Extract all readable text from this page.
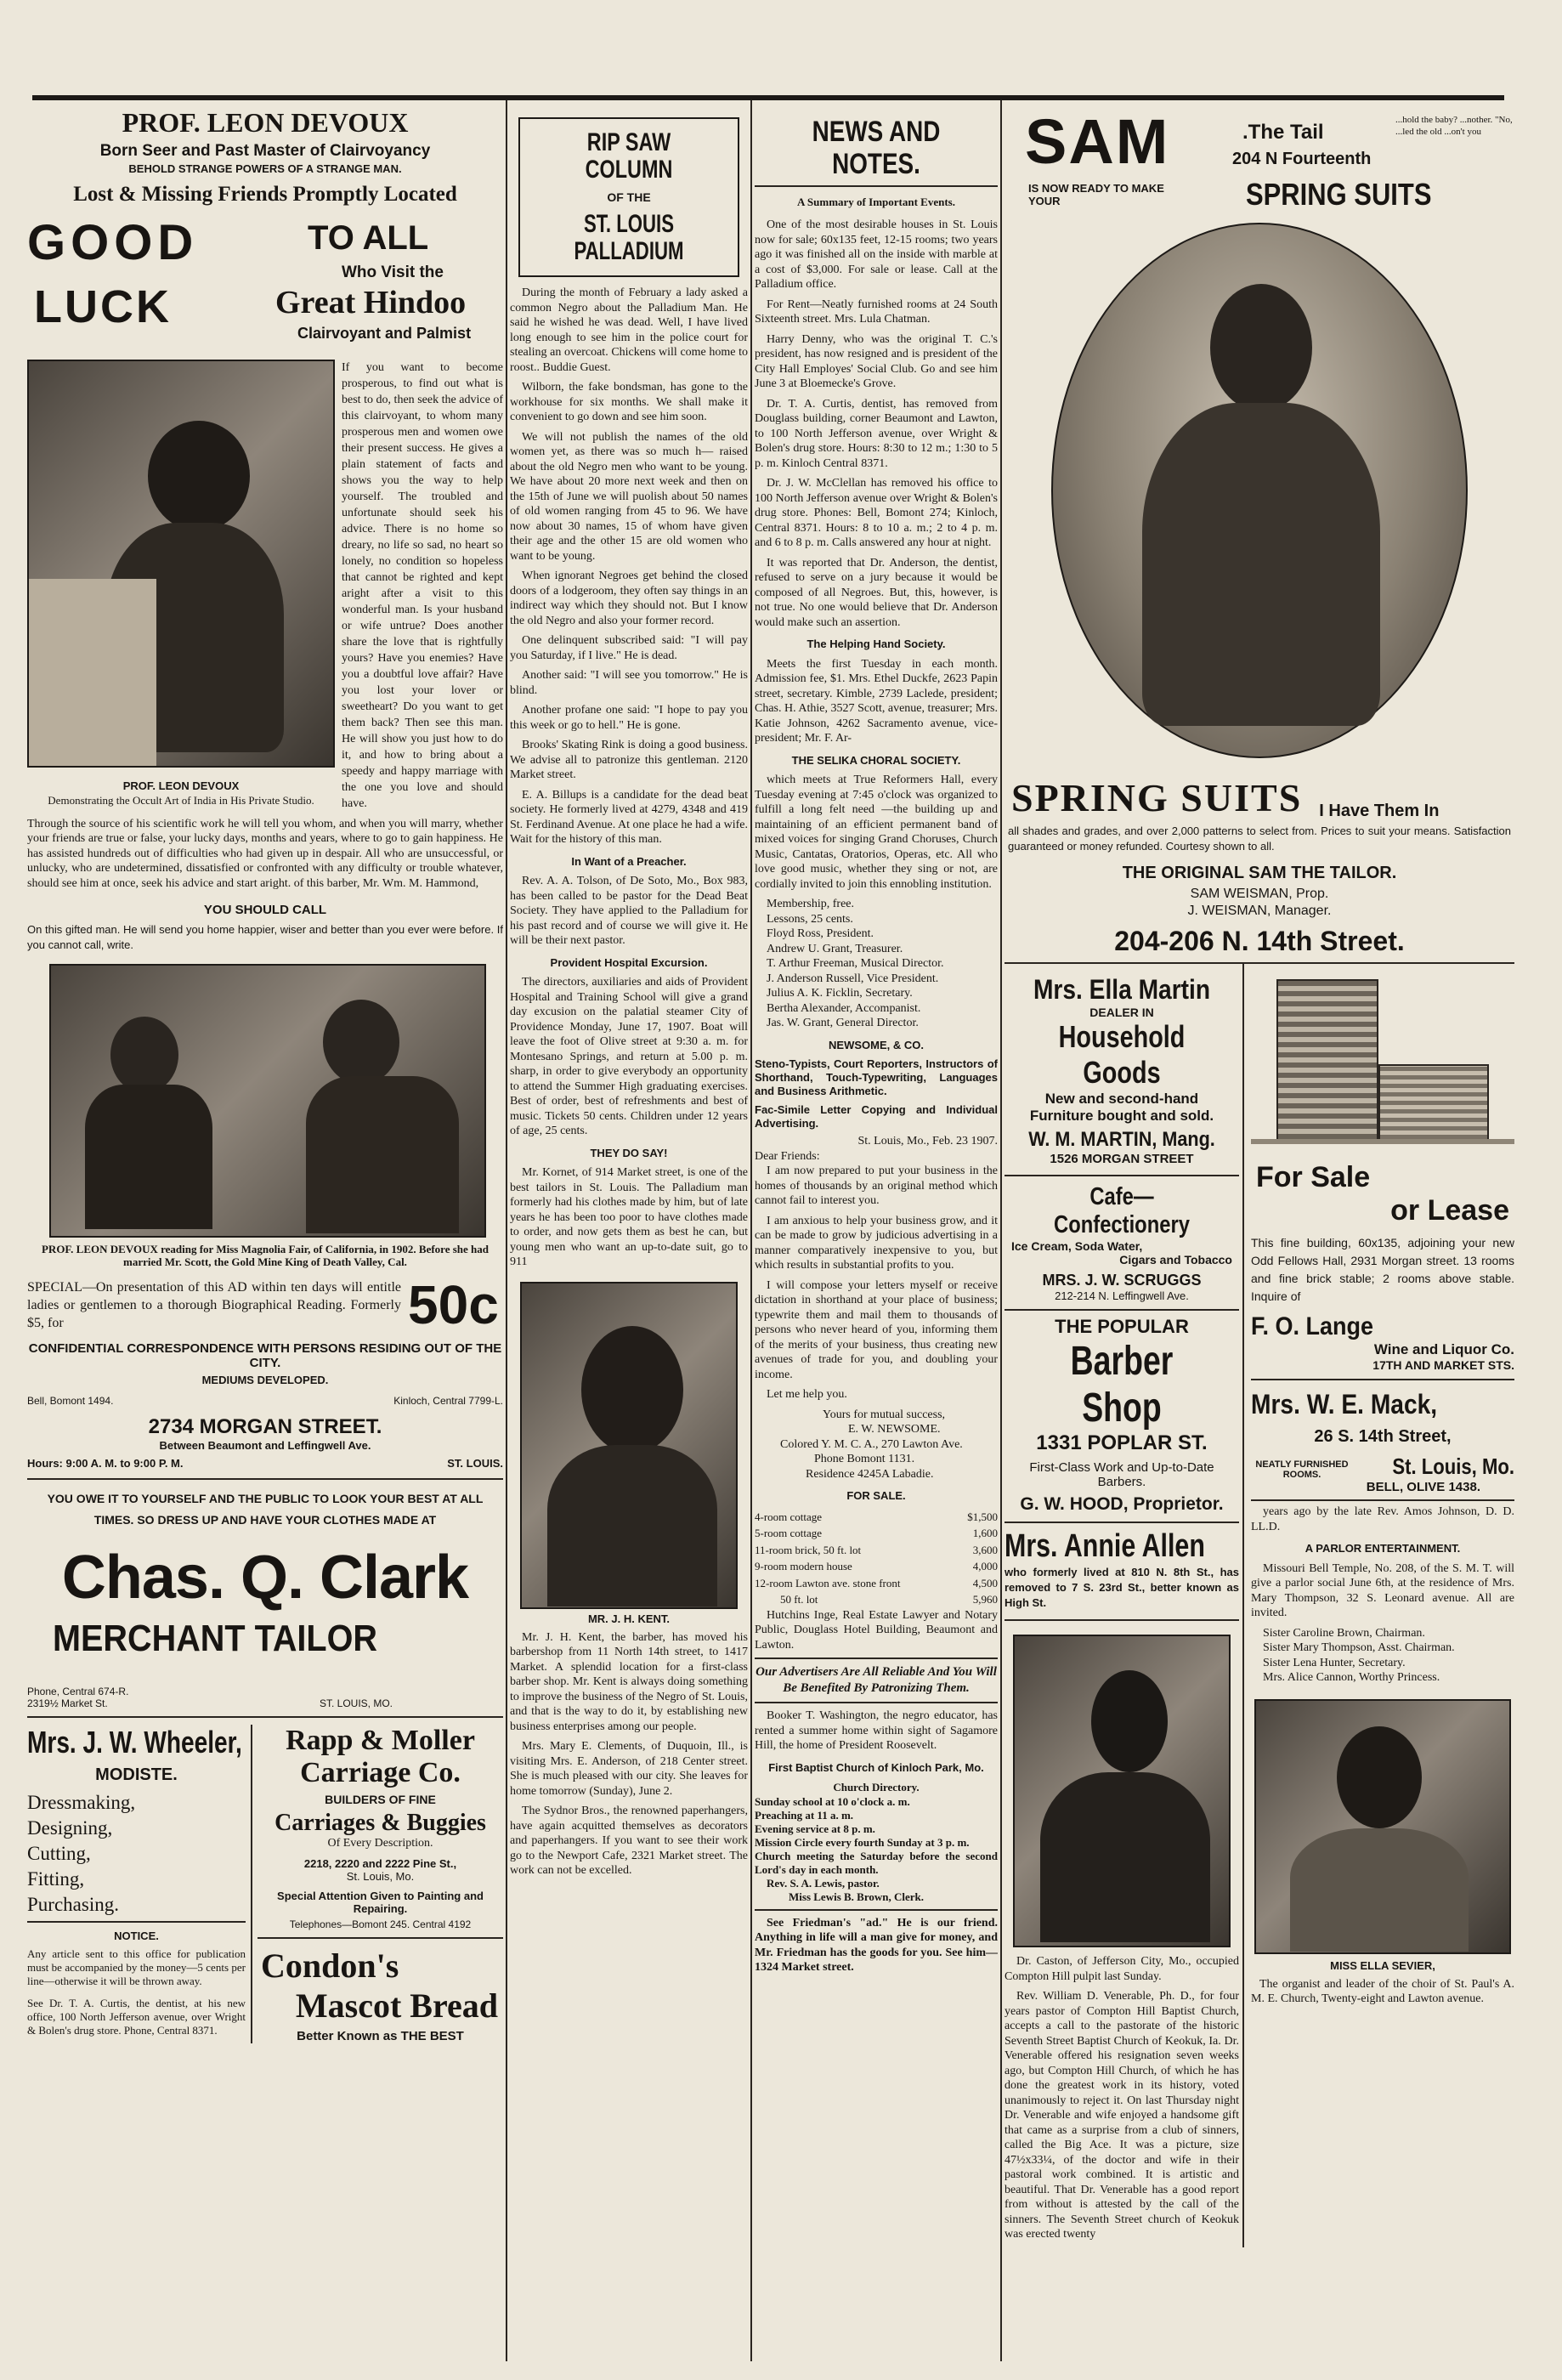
PROF. LEON DEVOUX
Born Seer and Past Master of Clairvoyancy
BEHOLD STRANGE POWERS OF A STRANGE MAN.
Lost & Missing Friends Promptly Located
GOOD
LUCK
TO ALL
Who Visit the
Great Hindoo
Clairvoyant and Palmist
PROF. LEON DEVOUX
Demonstrating the Occult Art of India in His Private Studio.
If you want to become prosperous, to find out what is best to do, then seek the advice of this clairvoyant, to whom many prosperous men and women owe their present success. He gives a plain statement of facts and shows you the way to help yourself. The troubled and unfortunate should seek his advice. There is no home so dreary, no life so sad, no heart so lonely, no condition so hopeless that cannot be righted and kept aright after a visit to this wonderful man. Is your husband or wife untrue? Does another share the love that is rightfully yours? Have you enemies? Have you a doubtful love affair? Have you lost your lover or sweetheart? Do you want to get them back? Then see this man. He will show you just how to do it, and how to bring about a speedy and happy marriage with the one you love and should have.
Through the source of his scientific work he will tell you whom, and when you will marry, whether your friends are true or false, your lucky days, months and years, where to go to gain happiness. He has assisted hundreds out of difficulties who had given up in despair. All who are unsuccessful, or unlucky, who are undetermined, dissatisfied or confronted with any difficulty or trouble whatever, should see him at once, seek his advice and start aright. of this barber, Mr. Wm. M. Hammond,
YOU SHOULD CALL
On this gifted man. He will send you home happier, wiser and better than you ever were before. If you cannot call, write.
PROF. LEON DEVOUX reading for Miss Magnolia Fair, of California, in 1902. Before she had married Mr. Scott, the Gold Mine King of Death Valley, Cal.
SPECIAL—On presentation of this AD within ten days will entitle ladies or gentlemen to a thorough Biographical Reading. Formerly $5, for	50c
CONFIDENTIAL CORRESPONDENCE WITH PERSONS RESIDING OUT OF THE CITY.
MEDIUMS DEVELOPED.
Bell, Bomont 1494.	Kinloch, Central 7799-L.
2734 MORGAN STREET.
Between Beaumont and Leffingwell Ave.
Hours: 9:00 A. M. to 9:00 P. M.	ST. LOUIS.
YOU OWE IT TO YOURSELF AND THE PUBLIC TO LOOK YOUR BEST AT ALL TIMES. SO DRESS UP AND HAVE YOUR CLOTHES MADE AT
Chas. Q. Clark
MERCHANT TAILOR
Phone, Central 674-R.
2319½ Market St.	ST. LOUIS, MO.
Mrs. J. W. Wheeler,
MODISTE.
Dressmaking,
Designing,
Cutting,
Fitting,
Purchasing.
NOTICE.
Any article sent to this office for publication must be accompanied by the money—5 cents per line—otherwise it will be thrown away.
See Dr. T. A. Curtis, the dentist, at his new office, 100 North Jefferson avenue, over Wright & Bolen's drug store. Phone, Central 8371.
Rapp & Moller
Carriage Co.
BUILDERS OF FINE
Carriages & Buggies
Of Every Description.
2218, 2220 and 2222 Pine St.,
St. Louis, Mo.
Special Attention Given to Painting and Repairing.
Telephones—Bomont 245. Central 4192
Condon's
Mascot Bread
Better Known as THE BEST
RIP SAW COLUMN
OF THE
ST. LOUIS PALLADIUM

During the month of February a lady asked a common Negro about the Palladium Man. He said he wished he was dead. Well, I have lived long enough to see him in the police court for stealing an overcoat. Chickens will come home to roost.. Buddie Guest.

Wilborn, the fake bondsman, has gone to the workhouse for six months. We shall make it convenient to go down and see him soon.

We will not publish the names of the old women yet, as there was so much h— raised about the old Negro men who want to be young. We have about 20 more next week and then on the 15th of June we will puolish about 50 names of old women ranging from 45 to 96. We have now about 30 names, 15 of whom have given their age and the other 15 are old women who want to be young.

When ignorant Negroes get behind the closed doors of a lodgeroom, they often say things in an indirect way which they should not. But I know the old Negro and also your former record.

One delinquent subscribed said: "I will pay you Saturday, if I live." He is dead.

Another said: "I will see you tomorrow." He is blind.

Another profane one said: "I hope to pay you this week or go to hell." He is gone.

Brooks' Skating Rink is doing a good business. We advise all to patronize this gentleman. 2120 Market street.

E. A. Billups is a candidate for the dead beat society. He formerly lived at 4279, 4348 and 419 St. Ferdinand Avenue. At one place he had a wife. Wait for the history of this man.

In Want of a Preacher.

Rev. A. A. Tolson, of De Soto, Mo., Box 983, has been called to be pastor for the Dead Beat Society. They have applied to the Palladium for his past record and of course we will give it. He will be their next pastor.

Provident Hospital Excursion.

The directors, auxiliaries and aids of Provident Hospital and Training School will give a grand day excusion on the palatial steamer City of Providence Monday, June 17, 1907. Boat will leave the foot of Olive street at 9:30 a. m. for Montesano Springs, and return at 5.00 p. m. sharp, in order to give everybody an opportunity to attend the Summer High graduating exercises. Best of order, best of refreshments and best of music. Tickets 50 cents. Children under 12 years of age, 25 cents.

THEY DO SAY!

Mr. Kornet, of 914 Market street, is one of the best tailors in St. Louis. The Palladium man formerly had his clothes made by him, but of late years he has been too poor to have clothes made to order, and now gets them as best he can, but young men who want an up-to-date suit, go to 911

MR. J. H. KENT.

Mr. J. H. Kent, the barber, has moved his barbershop from 11 North 14th street, to 1417 Market. A splendid location for a first-class barber shop. Mr. Kent is always doing something to improve the business of the Negro of St. Louis, and that is the way to do it, by establishing new business enterprises among our people.

Mrs. Mary E. Clements, of Duquoin, Ill., is visiting Mrs. E. Anderson, of 218 Center street. She is much pleased with our city. She leaves for home tomorrow (Sunday), June 2.

The Sydnor Bros., the renowned paperhangers, have again acquitted themselves as decorators and paperhangers. If you want to see their work go to the Newport Cafe, 2321 Market street. The work can not be excelled.

NEWS AND NOTES.
A Summary of Important Events.

One of the most desirable houses in St. Louis now for sale; 60x135 feet, 12-15 rooms; two years ago it was finished all on the inside with marble at a cost of $3,000. For sale or lease. Call at the Palladium office.

For Rent—Neatly furnished rooms at 24 South Sixteenth street. Mrs. Lula Chatman.

Harry Denny, who was the original T. C.'s president, has now resigned and is president of the City Hall Employes' Social Club. Go and see him June 3 at Bloemecke's Grove.

Dr. T. A. Curtis, dentist, has removed from Douglass building, corner Beaumont and Lawton, to 100 North Jefferson avenue, over Wright & Bolen's drug store. Hours: 8:30 to 12 m.; 1:30 to 5 p. m. Kinloch Central 8371.

Dr. J. W. McClellan has removed his office to 100 North Jefferson avenue over Wright & Bolen's drug store. Phones: Bell, Bomont 274; Kinloch, Central 8371. Hours: 8 to 10 a. m.; 2 to 4 p. m. and 6 to 8 p. m. Calls answered any hour at night.

It was reported that Dr. Anderson, the dentist, refused to serve on a jury because it would be composed of all Negroes. But, this, however, is not true. No one would believe that Dr. Anderson would make such an assertion.

The Helping Hand Society.

Meets the first Tuesday in each month. Admission fee, $1. Mrs. Ethel Duckfe, 2623 Papin street, secretary. Kimble, 2739 Laclede, president; Chas. H. Athie, 3527 Scott, avenue, treasurer; Mrs. Katie Johnson, 4262 Sacramento avenue, vice-president; Mr. F. Ar-

THE SELIKA CHORAL SOCIETY.

which meets at True Reformers Hall, every Tuesday evening at 7:45 o'clock was organized to fulfill a long felt need —the building up and maintaining of an efficient permanent band of mixed voices for singing Grand Choruses, Church Music, Cantatas, Oratorios, Operas, etc. All who love good music, whether they sing or not, are cordially invited to join this ennobling institution.

Membership, free.
Lessons, 25 cents.
Floyd Ross, President.
Andrew U. Grant, Treasurer.
T. Arthur Freeman, Musical Director.
J. Anderson Russell, Vice President.
Julius A. K. Ficklin, Secretary.
Bertha Alexander, Accompanist.
Jas. W. Grant, General Director.
NEWSOME, & CO.
Steno-Typists, Court Reporters, Instructors of Shorthand, Touch-Typewriting, Languages and Business Arithmetic.
Fac-Simile Letter Copying and Individual Advertising.
St. Louis, Mo., Feb. 23 1907.
Dear Friends:

I am now prepared to put your business in the homes of thousands by an original method which cannot fail to interest you.

I am anxious to help your business grow, and it can be made to grow by judicious advertising in a manner comparatively inexpensive to you, but which results in substantial profits to you.

I will compose your letters myself or receive dictation in shorthand at your place of business; typewrite them and mail them to thousands of persons who never heard of you, informing them of the merits of your business, thus creating new avenues of trade for you, and doubling your income.

Let me help you.

Yours for mutual success,
E. W. NEWSOME.
Colored Y. M. C. A., 270 Lawton Ave.
Phone Bomont 1131.
Residence 4245A Labadie.
FOR SALE.
4-room cottage	$1,500
5-room cottage	1,600
11-room brick, 50 ft. lot	3,600
9-room modern house	4,000
12-room Lawton ave. stone front	4,500
50 ft. lot	5,960

Hutchins Inge, Real Estate Lawyer and Notary Public, Douglass Hotel Building, Beaumont and Lawton.

Our Advertisers Are All Reliable And You Will Be Benefited By Patronizing Them.

Booker T. Washington, the negro educator, has rented a summer home within sight of Sagamore Hill, the home of President Roosevelt.

First Baptist Church of Kinloch Park, Mo.
Church Directory.
Sunday school at 10 o'clock a. m.
Preaching at 11 a. m.
Evening service at 8 p. m.
Mission Circle every fourth Sunday at 3 p. m.
Church meeting the Saturday before the second Lord's day in each month.
Rev. S. A. Lewis, pastor.
Miss Lewis B. Brown, Clerk.

See Friedman's "ad." He is our friend. Anything in life will a man give for money, and Mr. Friedman has the goods for you. See him—1324 Market street.

SAM	.The Tail
204 N Fourteenth
...hold the baby? ...nother. "No, ...led the old ...on't you
IS NOW READY TO MAKE YOUR	SPRING SUITS
SPRING SUITS I Have Them In
all shades and grades, and over 2,000 patterns to select from. Prices to suit your means. Satisfaction guaranteed or money refunded. Courtesy shown to all.
THE ORIGINAL SAM THE TAILOR.
SAM WEISMAN, Prop.
J. WEISMAN, Manager.
204-206 N. 14th Street.
Mrs. Ella Martin
DEALER IN
Household Goods
New and second-hand
Furniture bought and sold.
W. M. MARTIN, Mang.
1526 MORGAN STREET
Cafe—Confectionery
Ice Cream, Soda Water,
Cigars and Tobacco
MRS. J. W. SCRUGGS
212-214 N. Leffingwell Ave.
THE POPULAR
Barber Shop
1331 POPLAR ST.
First-Class Work and Up-to-Date Barbers.
G. W. HOOD, Proprietor.
Mrs. Annie Allen
who formerly lived at 810 N. 8th St., has removed to 7 S. 23rd St., better known as High St.

Dr. Caston, of Jefferson City, Mo., occupied Compton Hill pulpit last Sunday.

Rev. William D. Venerable, Ph. D., for four years pastor of Compton Hill Baptist Church, accepts a call to the pastorate of the historic Seventh Street Baptist Church of Keokuk, Ia. Dr. Venerable offered his resignation seven weeks ago, but Compton Hill Church, of which he has done the greatest work in its history, voted unanimously to reject it. On last Thursday night Dr. Venerable and wife enjoyed a handsome gift that came as a surprise from a club of sinners, called the Big Ace. It was a picture, size 47½x33¼, of the doctor and wife in their pastoral work combined. It is artistic and beautiful. That Dr. Venerable has a good report from without is attested by the call of the sinners. The Seventh Street church of Keokuk was erected twenty

For Sale
or Lease
This fine building, 60x135, adjoining your new Odd Fellows Hall, 2931 Morgan street. 13 rooms and fine brick stable; 2 rooms above stable. Inquire of
F. O. Lange
Wine and Liquor Co.
17TH AND MARKET STS.
Mrs. W. E. Mack,
26 S. 14th Street,
NEATLY FURNISHED ROOMS.	St. Louis, Mo.
BELL, OLIVE 1438.

years ago by the late Rev. Amos Johnson, D. D. LL.D.

A PARLOR ENTERTAINMENT.

Missouri Bell Temple, No. 208, of the S. M. T. will give a parlor social June 6th, at the residence of Mrs. Mary Thompson, 32 S. Leonard avenue. All are invited.

Sister Caroline Brown, Chairman.
Sister Mary Thompson, Asst. Chairman.
Sister Lena Hunter, Secretary.
Mrs. Alice Cannon, Worthy Princess.
MISS ELLA SEVIER,
The organist and leader of the choir of St. Paul's A. M. E. Church, Twenty-eight and Lawton avenue.
